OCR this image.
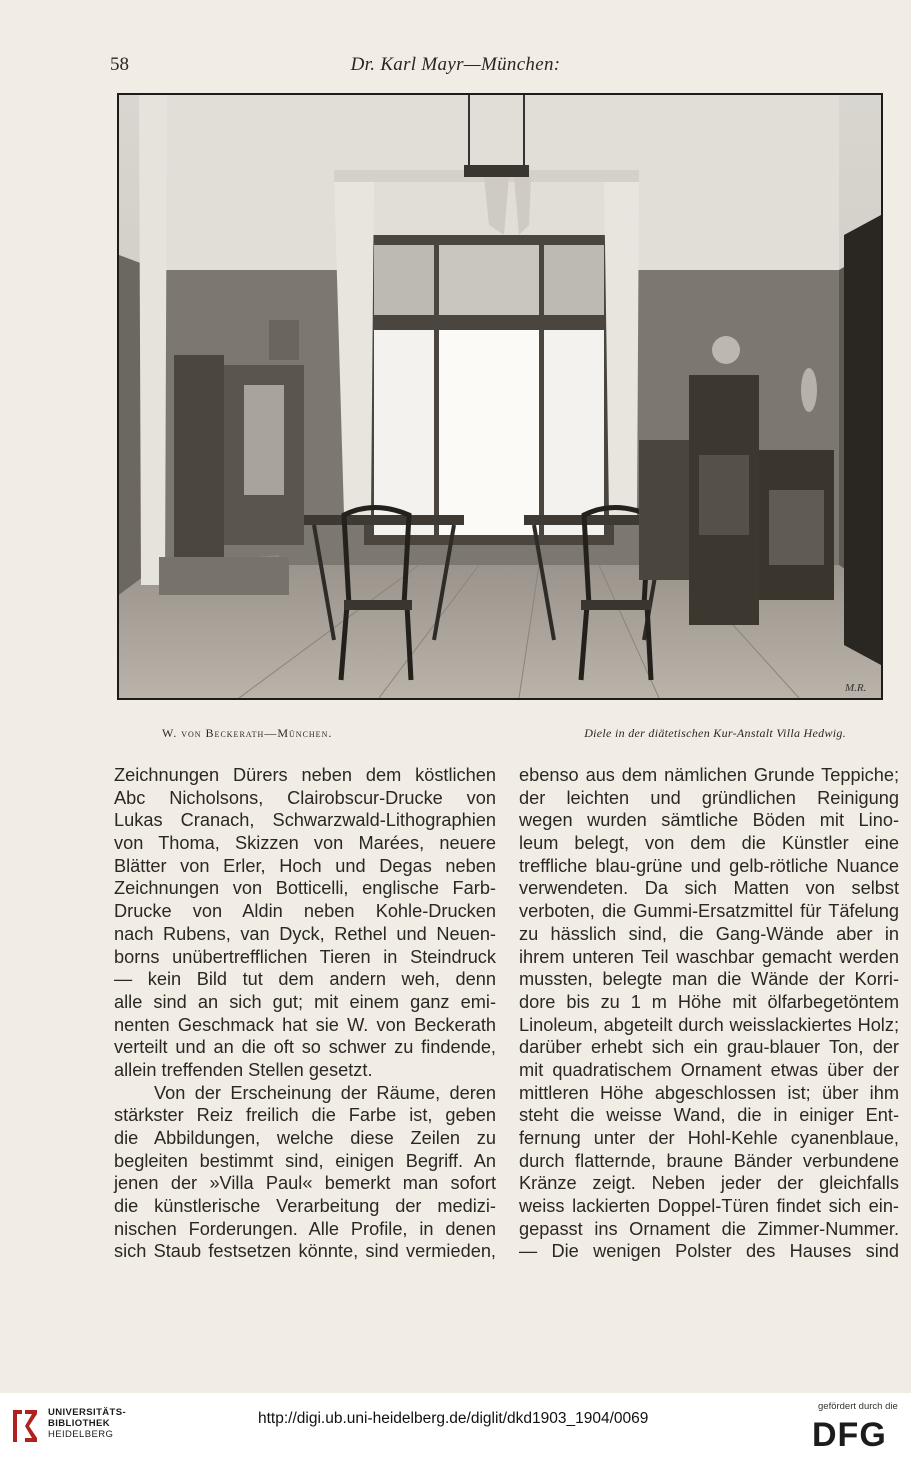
58	Dr. Karl Mayr—München:
M.R.
W. von Beckerath—München.	Diele in der diätetischen Kur-Anstalt Villa Hedwig.
Zeichnungen Dürers neben dem köstlichen
Abc Nicholsons, Clairobscur-Drucke von
Lukas Cranach, Schwarzwald-Lithographien
von Thoma, Skizzen von Marées, neuere
Blätter von Erler, Hoch und Degas neben
Zeichnungen von Botticelli, englische Farb-
Drucke von Aldin neben Kohle-Drucken
nach Rubens, van Dyck, Rethel und Neuen-
borns unübertrefflichen Tieren in Steindruck
— kein Bild tut dem andern weh, denn
alle sind an sich gut; mit einem ganz emi-
nenten Geschmack hat sie W. von Beckerath
verteilt und an die oft so schwer zu findende,
allein treffenden Stellen gesetzt.
Von der Erscheinung der Räume, deren
stärkster Reiz freilich die Farbe ist, geben
die Abbildungen, welche diese Zeilen zu
begleiten bestimmt sind, einigen Begriff. An
jenen der »Villa Paul« bemerkt man sofort
die künstlerische Verarbeitung der medizi-
nischen Forderungen. Alle Profile, in denen
sich Staub festsetzen könnte, sind vermieden,
ebenso aus dem nämlichen Grunde Teppiche;
der leichten und gründlichen Reinigung
wegen wurden sämtliche Böden mit Lino-
leum belegt, von dem die Künstler eine
treffliche blau-grüne und gelb-rötliche Nuance
verwendeten. Da sich Matten von selbst
verboten, die Gummi-Ersatzmittel für Täfelung
zu hässlich sind, die Gang-Wände aber in
ihrem unteren Teil waschbar gemacht werden
mussten, belegte man die Wände der Korri-
dore bis zu 1 m Höhe mit ölfarbegetöntem
Linoleum, abgeteilt durch weisslackiertes Holz;
darüber erhebt sich ein grau-blauer Ton, der
mit quadratischem Ornament etwas über der
mittleren Höhe abgeschlossen ist; über ihm
steht die weisse Wand, die in einiger Ent-
fernung unter der Hohl-Kehle cyanenblaue,
durch flatternde, braune Bänder verbundene
Kränze zeigt. Neben jeder der gleichfalls
weiss lackierten Doppel-Türen findet sich ein-
gepasst ins Ornament die Zimmer-Nummer.
— Die wenigen Polster des Hauses sind
UNIVERSITÄTS-
BIBLIOTHEK
HEIDELBERG
http://digi.ub.uni-heidelberg.de/diglit/dkd1903_1904/0069
gefördert durch die
DFG
